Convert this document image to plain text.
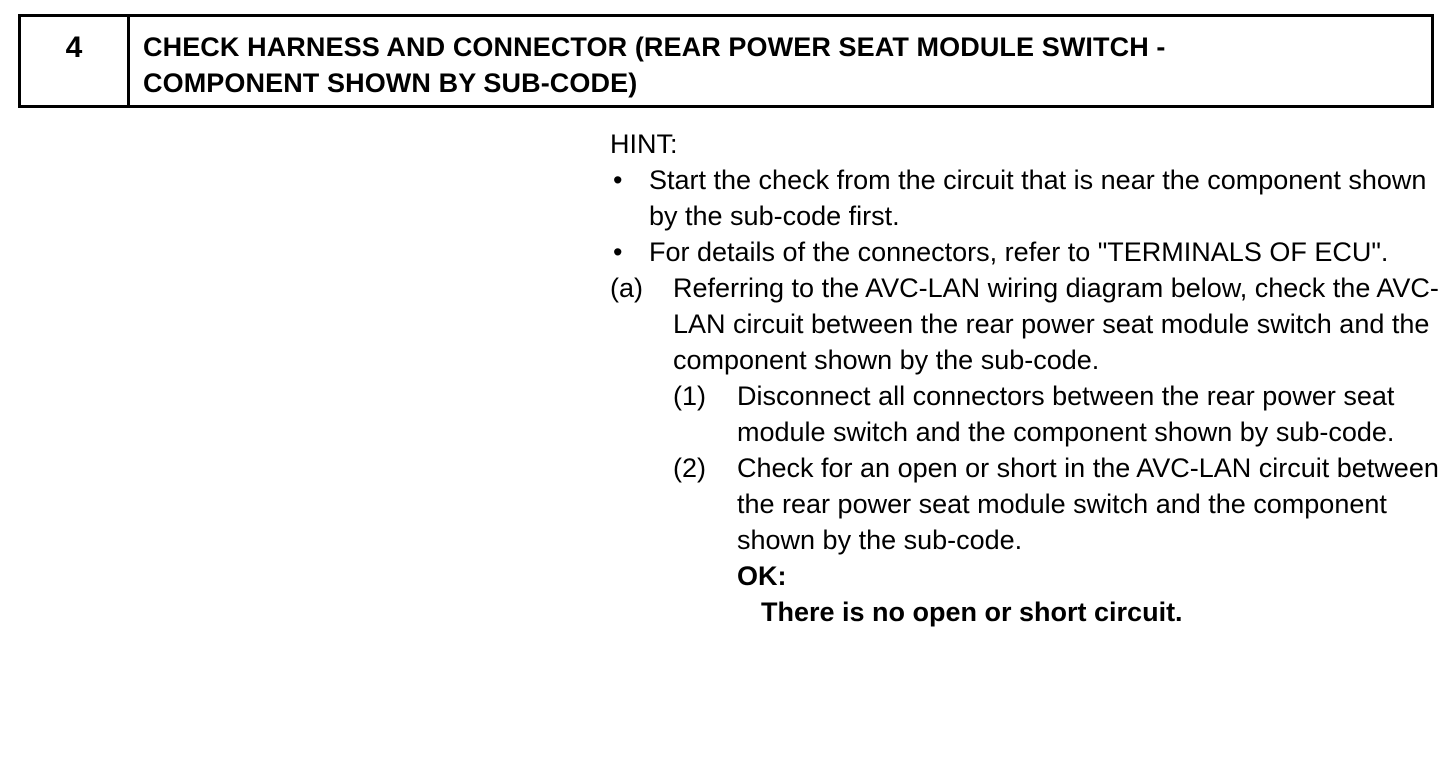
4	CHECK HARNESS AND CONNECTOR (REAR POWER SEAT MODULE SWITCH -
COMPONENT SHOWN BY SUB-CODE)
HINT:
• Start the check from the circuit that is near the component shown by the sub-code first.
• For details of the connectors, refer to "TERMINALS OF ECU".
(a) Referring to the AVC-LAN wiring diagram below, check the AVC-LAN circuit between the rear power seat module switch and the component shown by the sub-code.
(1) Disconnect all connectors between the rear power seat module switch and the component shown by sub-code.
(2) Check for an open or short in the AVC-LAN circuit between the rear power seat module switch and the component shown by the sub-code.
OK:
There is no open or short circuit.
